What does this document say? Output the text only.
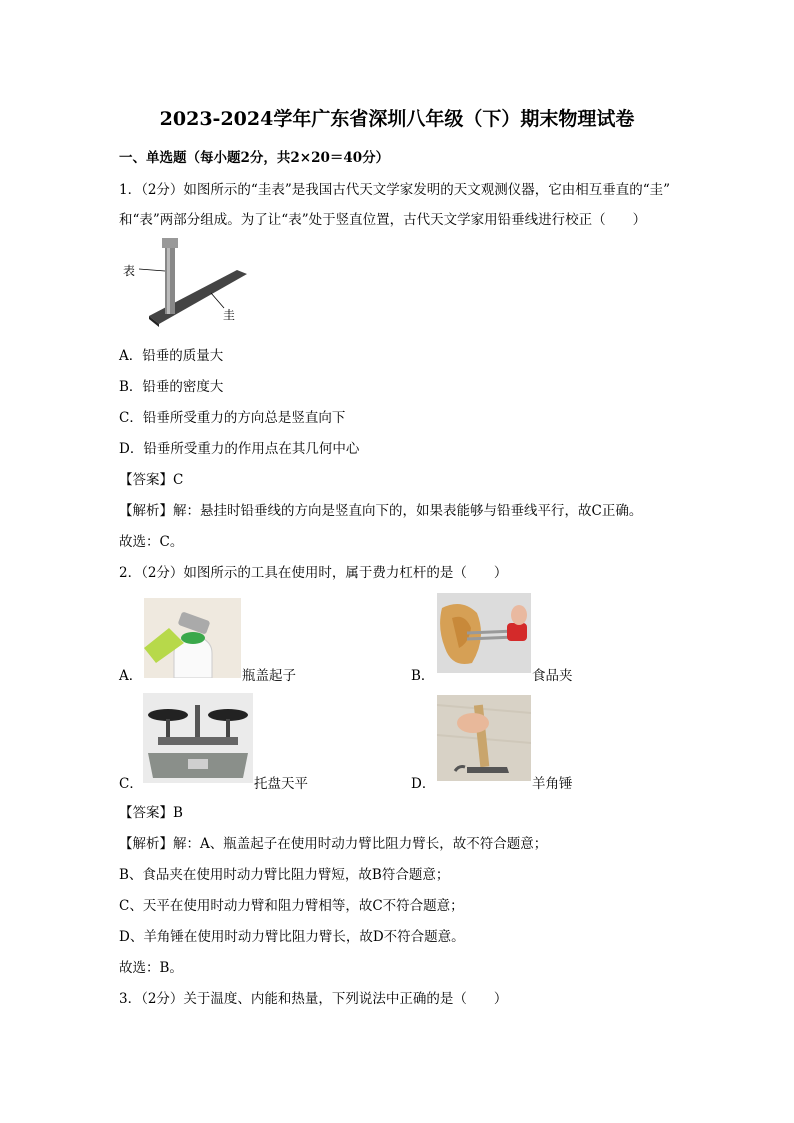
2023-2024学年广东省深圳八年级（下）期末物理试卷
一、单选题（每小题2分，共2×20＝40分）
1．（2分）如图所示的“圭表”是我国古代天文学家发明的天文观测仪器，它由相互垂直的“圭”
和“表”两部分组成。为了让“表”处于竖直位置，古代天文学家用铅垂线进行校正（　　）
表
圭
A．铅垂的质量大
B．铅垂的密度大
C．铅垂所受重力的方向总是竖直向下
D．铅垂所受重力的作用点在其几何中心
【答案】C
【解析】解：悬挂时铅垂线的方向是竖直向下的，如果表能够与铅垂线平行，故C正确。
故选：C。
2．（2分）如图所示的工具在使用时，属于费力杠杆的是（　　）
A．	瓶盖起子	B．	食品夹
C．	托盘天平	D．	羊角锤
【答案】B
【解析】解：A、瓶盖起子在使用时动力臂比阻力臂长，故不符合题意；
B、食品夹在使用时动力臂比阻力臂短，故B符合题意；
C、天平在使用时动力臂和阻力臂相等，故C不符合题意；
D、羊角锤在使用时动力臂比阻力臂长，故D不符合题意。
故选：B。
3．（2分）关于温度、内能和热量，下列说法中正确的是（　　）
